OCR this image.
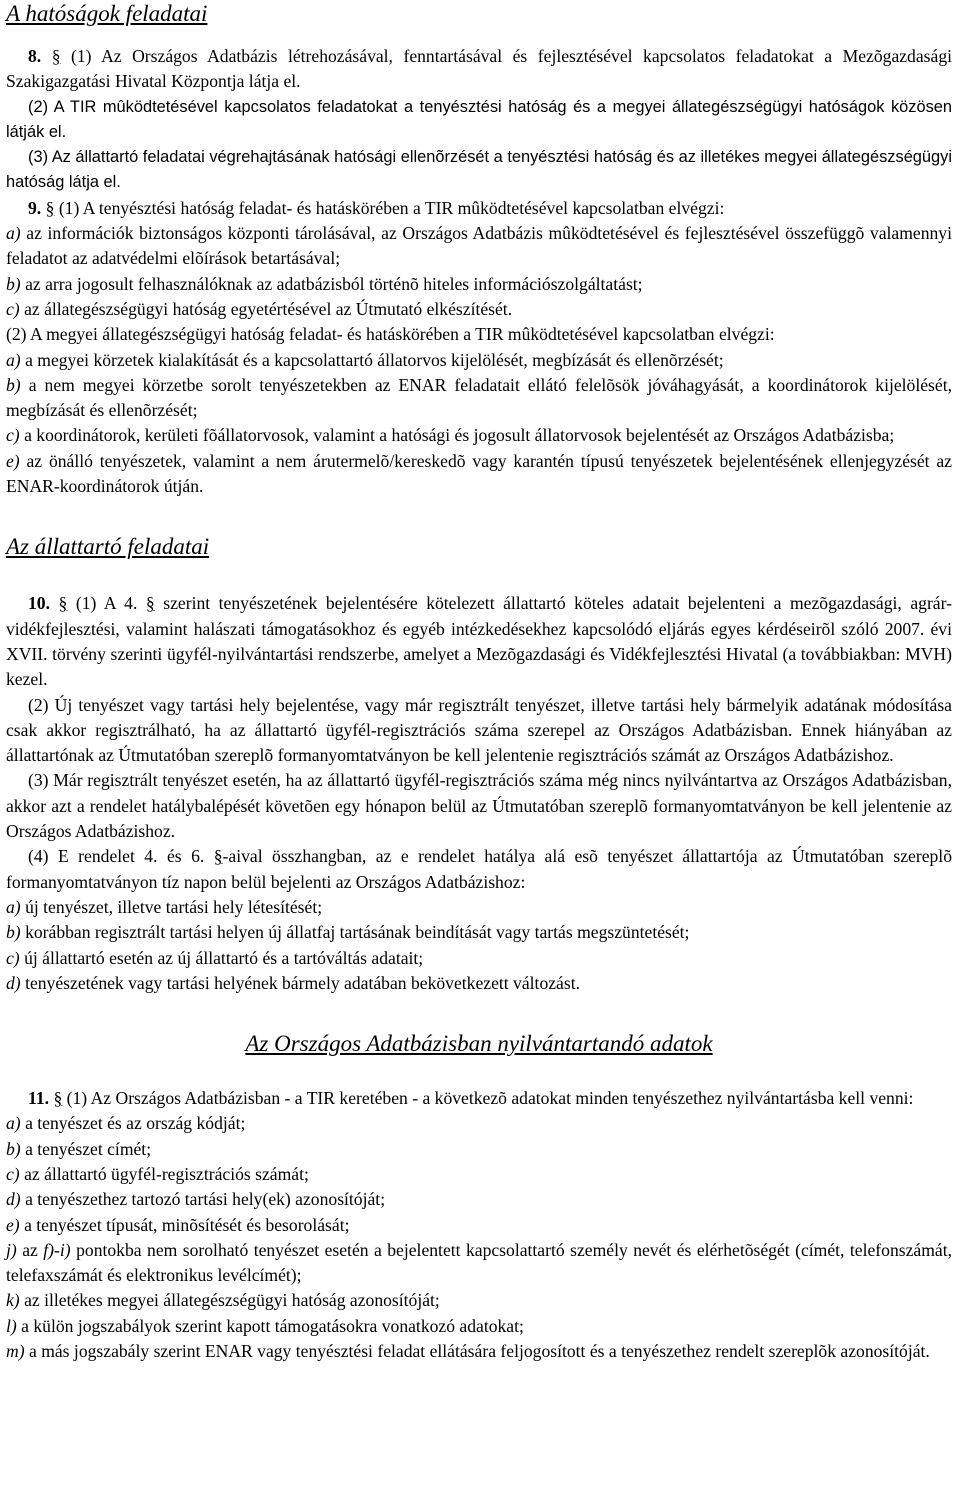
A hatóságok feladatai

8. § (1) Az Országos Adatbázis létrehozásával, fenntartásával és fejlesztésével kapcsolatos feladatokat a Mezõgazdasági Szakigazgatási Hivatal Központja látja el.

(2) A TIR mûködtetésével kapcsolatos feladatokat a tenyésztési hatóság és a megyei állategészségügyi hatóságok közösen látják el.

(3) Az állattartó feladatai végrehajtásának hatósági ellenõrzését a tenyésztési hatóság és az illetékes megyei állategészségügyi hatóság látja el.

9. § (1) A tenyésztési hatóság feladat- és hatáskörében a TIR mûködtetésével kapcsolatban elvégzi:

a) az információk biztonságos központi tárolásával, az Országos Adatbázis mûködtetésével és fejlesztésével összefüggõ valamennyi feladatot az adatvédelmi elõírások betartásával;

b) az arra jogosult felhasználóknak az adatbázisból történõ hiteles információszolgáltatást;

c) az állategészségügyi hatóság egyetértésével az Útmutató elkészítését.

(2) A megyei állategészségügyi hatóság feladat- és hatáskörében a TIR mûködtetésével kapcsolatban elvégzi:

a) a megyei körzetek kialakítását és a kapcsolattartó állatorvos kijelölését, megbízását és ellenõrzését;

b) a nem megyei körzetbe sorolt tenyészetekben az ENAR feladatait ellátó felelõsök jóváhagyását, a koordinátorok kijelölését, megbízását és ellenõrzését;

c) a koordinátorok, kerületi fõállatorvosok, valamint a hatósági és jogosult állatorvosok bejelentését az Országos Adatbázisba;

e) az önálló tenyészetek, valamint a nem árutermelõ/kereskedõ vagy karantén típusú tenyészetek bejelentésének ellenjegyzését az ENAR-koordinátorok útján.

Az állattartó feladatai

10. § (1) A 4. § szerint tenyészetének bejelentésére kötelezett állattartó köteles adatait bejelenteni a mezõgazdasági, agrár-vidékfejlesztési, valamint halászati támogatásokhoz és egyéb intézkedésekhez kapcsolódó eljárás egyes kérdéseirõl szóló 2007. évi XVII. törvény szerinti ügyfél-nyilvántartási rendszerbe, amelyet a Mezõgazdasági és Vidékfejlesztési Hivatal (a továbbiakban: MVH) kezel.

(2) Új tenyészet vagy tartási hely bejelentése, vagy már regisztrált tenyészet, illetve tartási hely bármelyik adatának módosítása csak akkor regisztrálható, ha az állattartó ügyfél-regisztrációs száma szerepel az Országos Adatbázisban. Ennek hiányában az állattartónak az Útmutatóban szereplõ formanyomtatványon be kell jelentenie regisztrációs számát az Országos Adatbázishoz.

(3) Már regisztrált tenyészet esetén, ha az állattartó ügyfél-regisztrációs száma még nincs nyilvántartva az Országos Adatbázisban, akkor azt a rendelet hatálybalépését követõen egy hónapon belül az Útmutatóban szereplõ formanyomtatványon be kell jelentenie az Országos Adatbázishoz.

(4) E rendelet 4. és 6. §-aival összhangban, az e rendelet hatálya alá esõ tenyészet állattartója az Útmutatóban szereplõ formanyomtatványon tíz napon belül bejelenti az Országos Adatbázishoz:

a) új tenyészet, illetve tartási hely létesítését;

b) korábban regisztrált tartási helyen új állatfaj tartásának beindítását vagy tartás megszüntetését;

c) új állattartó esetén az új állattartó és a tartóváltás adatait;

d) tenyészetének vagy tartási helyének bármely adatában bekövetkezett változást.

Az Országos Adatbázisban nyilvántartandó adatok

11. § (1) Az Országos Adatbázisban - a TIR keretében - a következõ adatokat minden tenyészethez nyilvántartásba kell venni:

a) a tenyészet és az ország kódját;

b) a tenyészet címét;

c) az állattartó ügyfél-regisztrációs számát;

d) a tenyészethez tartozó tartási hely(ek) azonosítóját;

e) a tenyészet típusát, minõsítését és besorolását;

j) az f)-i) pontokba nem sorolható tenyészet esetén a bejelentett kapcsolattartó személy nevét és elérhetõségét (címét, telefonszámát, telefaxszámát és elektronikus levélcímét);

k) az illetékes megyei állategészségügyi hatóság azonosítóját;

l) a külön jogszabályok szerint kapott támogatásokra vonatkozó adatokat;

m) a más jogszabály szerint ENAR vagy tenyésztési feladat ellátására feljogosított és a tenyészethez rendelt szereplõk azonosítóját.
